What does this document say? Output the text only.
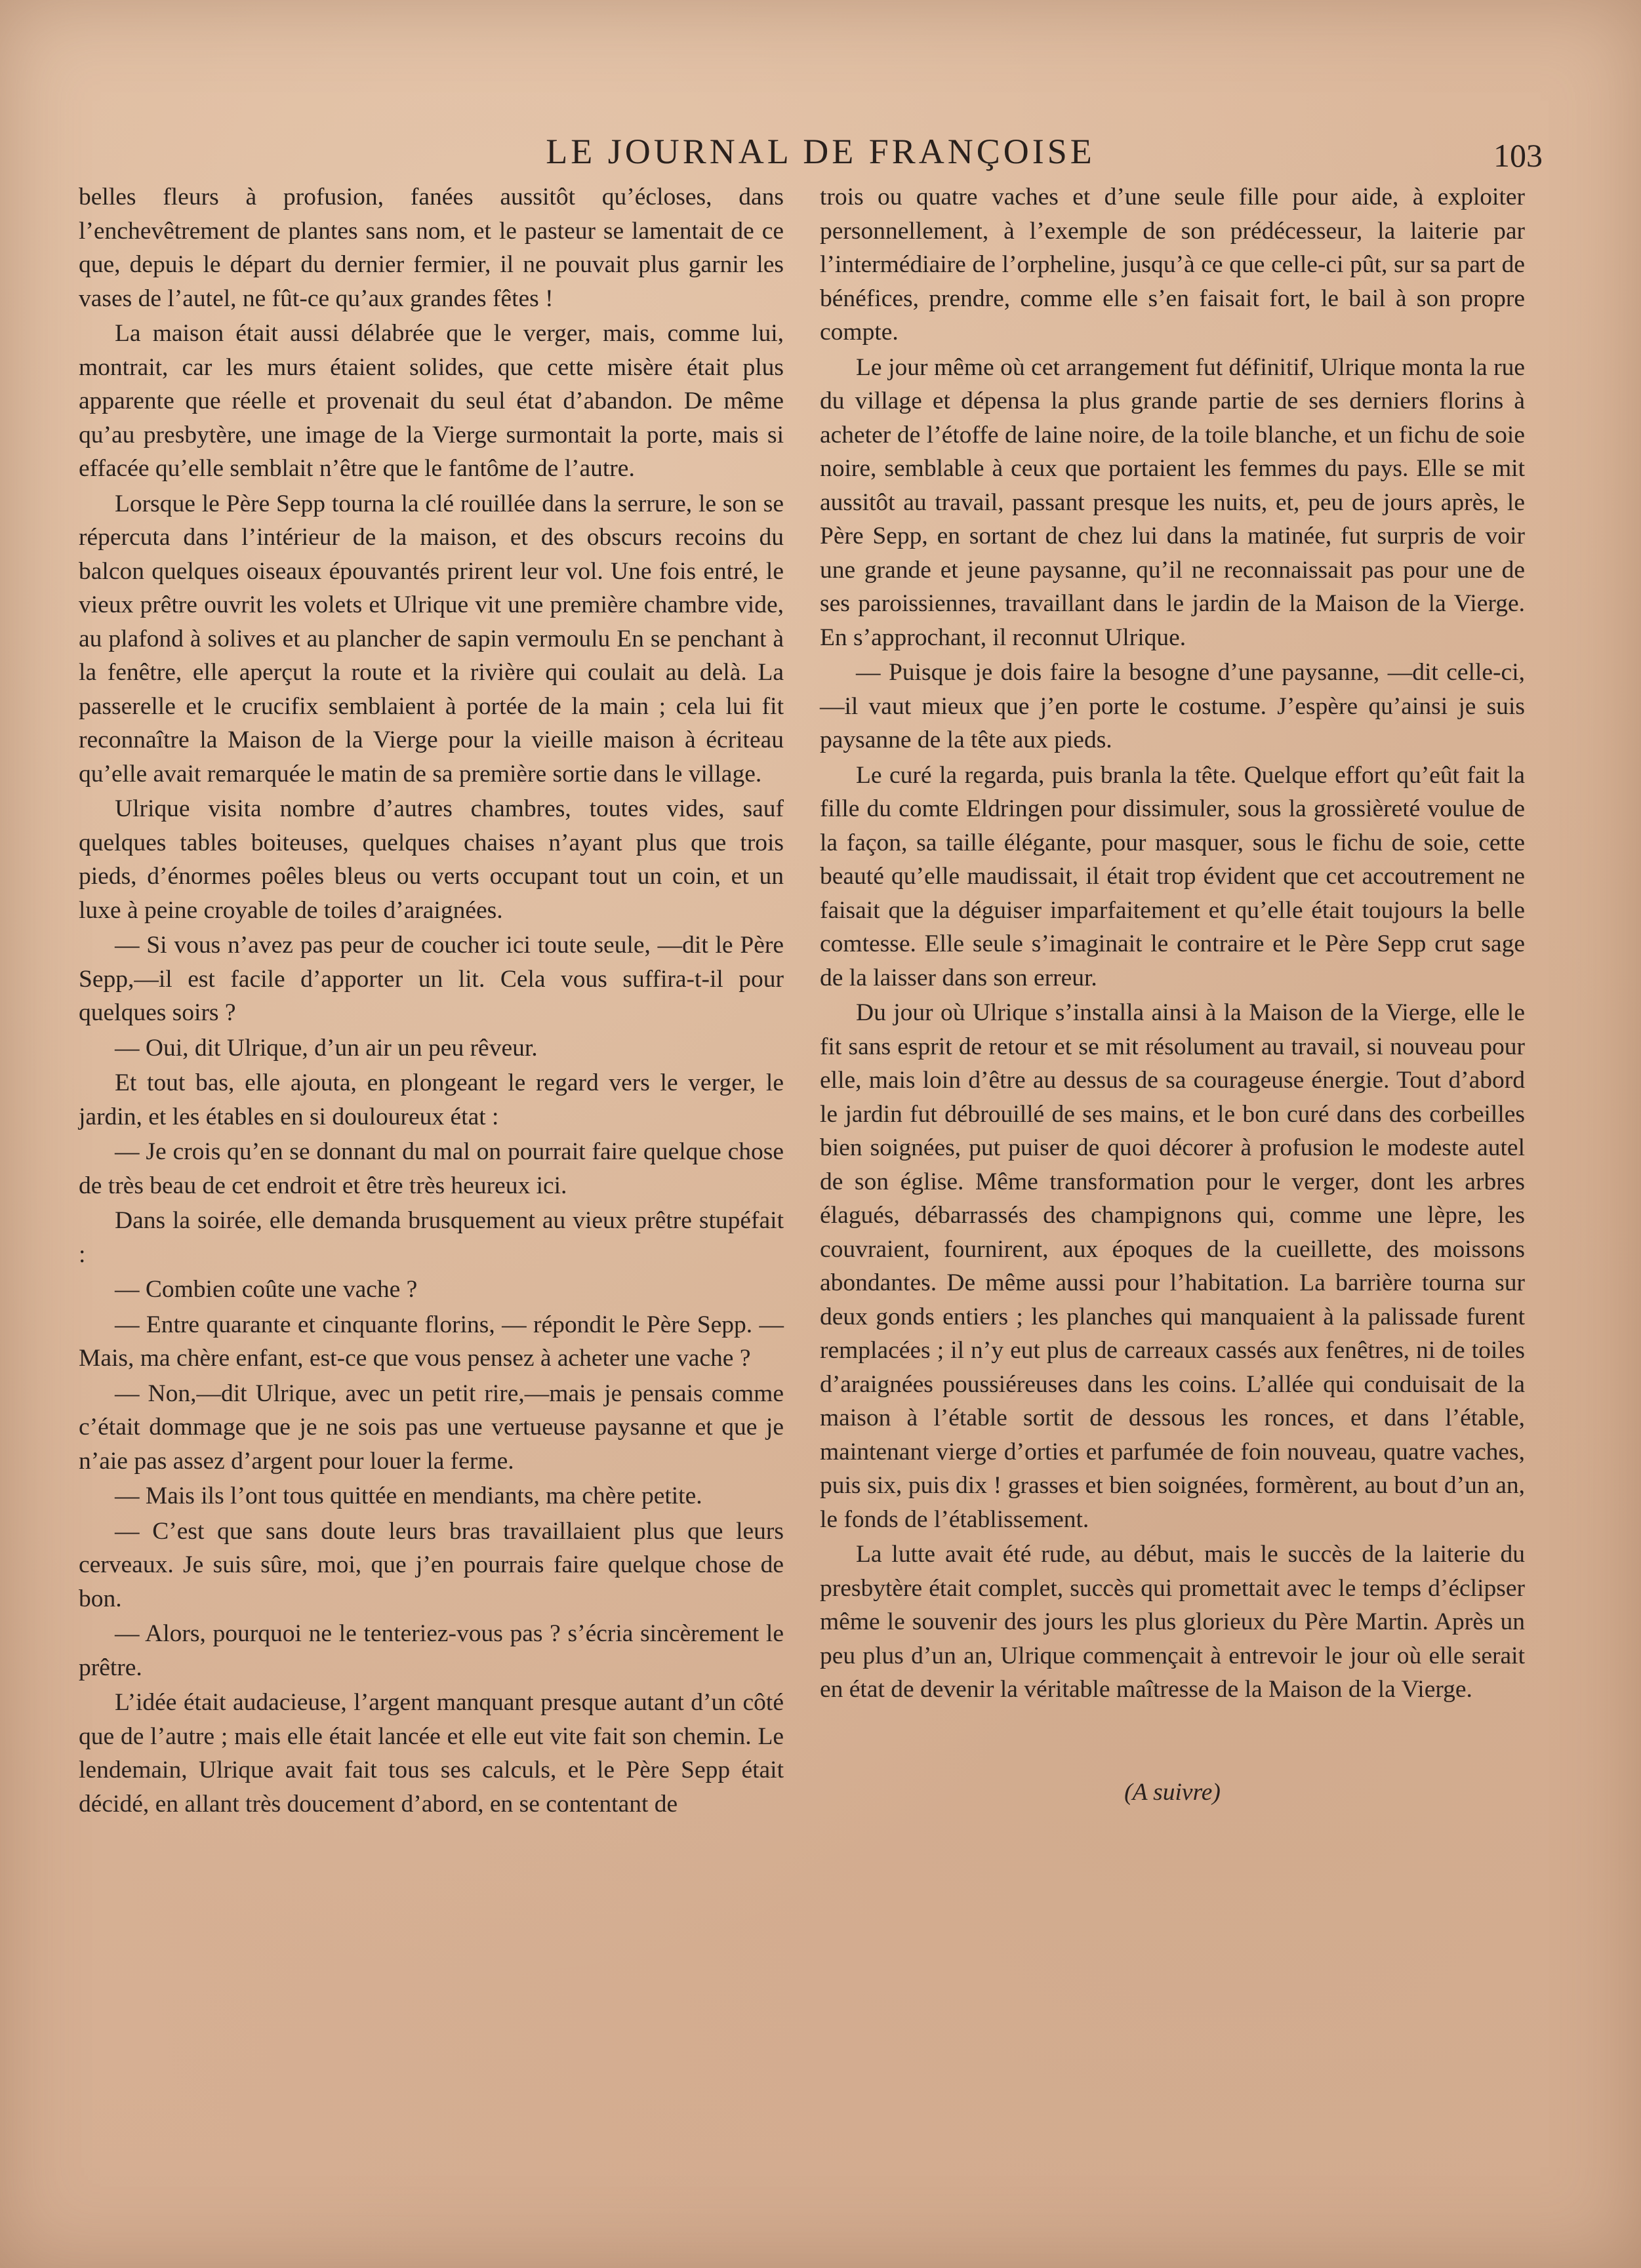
LE JOURNAL DE FRANÇOISE	103

belles fleurs à profusion, fanées aussitôt qu’écloses, dans l’enchevêtrement de plantes sans nom, et le pasteur se lamentait de ce que, depuis le départ du dernier fermier, il ne pouvait plus garnir les vases de l’autel, ne fût-ce qu’aux grandes fêtes !

La maison était aussi délabrée que le verger, mais, comme lui, montrait, car les murs étaient solides, que cette misère était plus apparente que réelle et provenait du seul état d’abandon. De même qu’au presbytère, une image de la Vierge surmontait la porte, mais si effacée qu’elle semblait n’être que le fantôme de l’autre.

Lorsque le Père Sepp tourna la clé rouillée dans la serrure, le son se répercuta dans l’intérieur de la maison, et des obscurs recoins du balcon quelques oiseaux épouvantés prirent leur vol. Une fois entré, le vieux prêtre ouvrit les volets et Ulrique vit une première chambre vide, au plafond à solives et au plancher de sapin vermoulu En se penchant à la fenêtre, elle aperçut la route et la rivière qui coulait au delà. La passerelle et le crucifix semblaient à portée de la main ; cela lui fit reconnaître la Maison de la Vierge pour la vieille maison à écriteau qu’elle avait remarquée le matin de sa première sortie dans le village.

Ulrique visita nombre d’autres chambres, toutes vides, sauf quelques tables boiteuses, quelques chaises n’ayant plus que trois pieds, d’énormes poêles bleus ou verts occupant tout un coin, et un luxe à peine croyable de toiles d’araignées.

— Si vous n’avez pas peur de coucher ici toute seule, —dit le Père Sepp,—il est facile d’apporter un lit. Cela vous suffira-t-il pour quelques soirs ?

— Oui, dit Ulrique, d’un air un peu rêveur.

Et tout bas, elle ajouta, en plongeant le regard vers le verger, le jardin, et les étables en si douloureux état :

— Je crois qu’en se donnant du mal on pourrait faire quelque chose de très beau de cet endroit et être très heureux ici.

Dans la soirée, elle demanda brusquement au vieux prêtre stupéfait :

— Combien coûte une vache ?

— Entre quarante et cinquante florins, — répondit le Père Sepp. — Mais, ma chère enfant, est-ce que vous pensez à acheter une vache ?

— Non,—dit Ulrique, avec un petit rire,—mais je pensais comme c’était dommage que je ne sois pas une vertueuse paysanne et que je n’aie pas assez d’argent pour louer la ferme.

— Mais ils l’ont tous quittée en mendiants, ma chère petite.

— C’est que sans doute leurs bras travaillaient plus que leurs cerveaux. Je suis sûre, moi, que j’en pourrais faire quelque chose de bon.

— Alors, pourquoi ne le tenteriez-vous pas ? s’écria sincèrement le prêtre.

L’idée était audacieuse, l’argent manquant presque autant d’un côté que de l’autre ; mais elle était lancée et elle eut vite fait son chemin. Le lendemain, Ulrique avait fait tous ses calculs, et le Père Sepp était décidé, en allant très doucement d’abord, en se contentant de

trois ou quatre vaches et d’une seule fille pour aide, à exploiter personnellement, à l’exemple de son prédécesseur, la laiterie par l’intermédiaire de l’orpheline, jusqu’à ce que celle-ci pût, sur sa part de bénéfices, prendre, comme elle s’en faisait fort, le bail à son propre compte.

Le jour même où cet arrangement fut définitif, Ulrique monta la rue du village et dépensa la plus grande partie de ses derniers florins à acheter de l’étoffe de laine noire, de la toile blanche, et un fichu de soie noire, semblable à ceux que portaient les femmes du pays. Elle se mit aussitôt au travail, passant presque les nuits, et, peu de jours après, le Père Sepp, en sortant de chez lui dans la matinée, fut surpris de voir une grande et jeune paysanne, qu’il ne reconnaissait pas pour une de ses paroissiennes, travaillant dans le jardin de la Maison de la Vierge. En s’approchant, il reconnut Ulrique.

— Puisque je dois faire la besogne d’une paysanne, —dit celle-ci,—il vaut mieux que j’en porte le costume. J’espère qu’ainsi je suis paysanne de la tête aux pieds.

Le curé la regarda, puis branla la tête. Quelque effort qu’eût fait la fille du comte Eldringen pour dissimuler, sous la grossièreté voulue de la façon, sa taille élégante, pour masquer, sous le fichu de soie, cette beauté qu’elle maudissait, il était trop évident que cet accoutrement ne faisait que la déguiser imparfaitement et qu’elle était toujours la belle comtesse. Elle seule s’imaginait le contraire et le Père Sepp crut sage de la laisser dans son erreur.

Du jour où Ulrique s’installa ainsi à la Maison de la Vierge, elle le fit sans esprit de retour et se mit résolument au travail, si nouveau pour elle, mais loin d’être au dessus de sa courageuse énergie. Tout d’abord le jardin fut débrouillé de ses mains, et le bon curé dans des corbeilles bien soignées, put puiser de quoi décorer à profusion le modeste autel de son église. Même transformation pour le verger, dont les arbres élagués, débarrassés des champignons qui, comme une lèpre, les couvraient, fournirent, aux époques de la cueillette, des moissons abondantes. De même aussi pour l’habitation. La barrière tourna sur deux gonds entiers ; les planches qui manquaient à la palissade furent remplacées ; il n’y eut plus de carreaux cassés aux fenêtres, ni de toiles d’araignées poussiéreuses dans les coins. L’allée qui conduisait de la maison à l’étable sortit de dessous les ronces, et dans l’étable, maintenant vierge d’orties et parfumée de foin nouveau, quatre vaches, puis six, puis dix ! grasses et bien soignées, formèrent, au bout d’un an, le fonds de l’établissement.

La lutte avait été rude, au début, mais le succès de la laiterie du presbytère était complet, succès qui promettait avec le temps d’éclipser même le souvenir des jours les plus glorieux du Père Martin. Après un peu plus d’un an, Ulrique commençait à entrevoir le jour où elle serait en état de devenir la véritable maîtresse de la Maison de la Vierge.

(A suivre)
